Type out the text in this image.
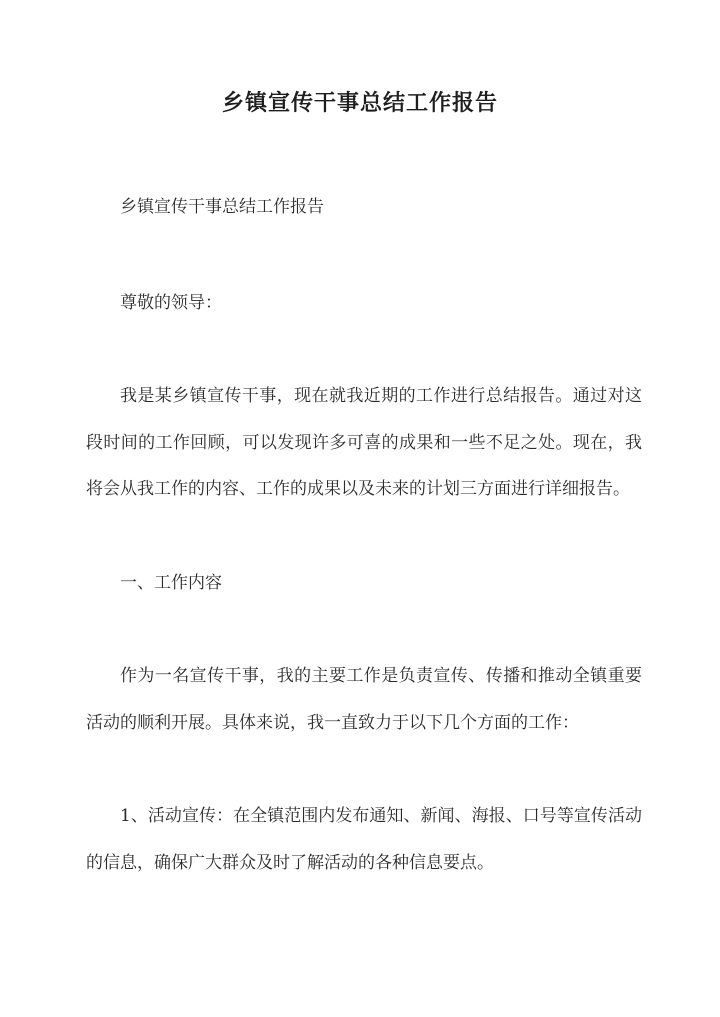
乡镇宣传干事总结工作报告
乡镇宣传干事总结工作报告
尊敬的领导：
我是某乡镇宣传干事，现在就我近期的工作进行总结报告。通过对这段时间的工作回顾，可以发现许多可喜的成果和一些不足之处。现在，我将会从我工作的内容、工作的成果以及未来的计划三方面进行详细报告。
一、工作内容
作为一名宣传干事，我的主要工作是负责宣传、传播和推动全镇重要活动的顺利开展。具体来说，我一直致力于以下几个方面的工作：
1、活动宣传：在全镇范围内发布通知、新闻、海报、口号等宣传活动的信息，确保广大群众及时了解活动的各种信息要点。
